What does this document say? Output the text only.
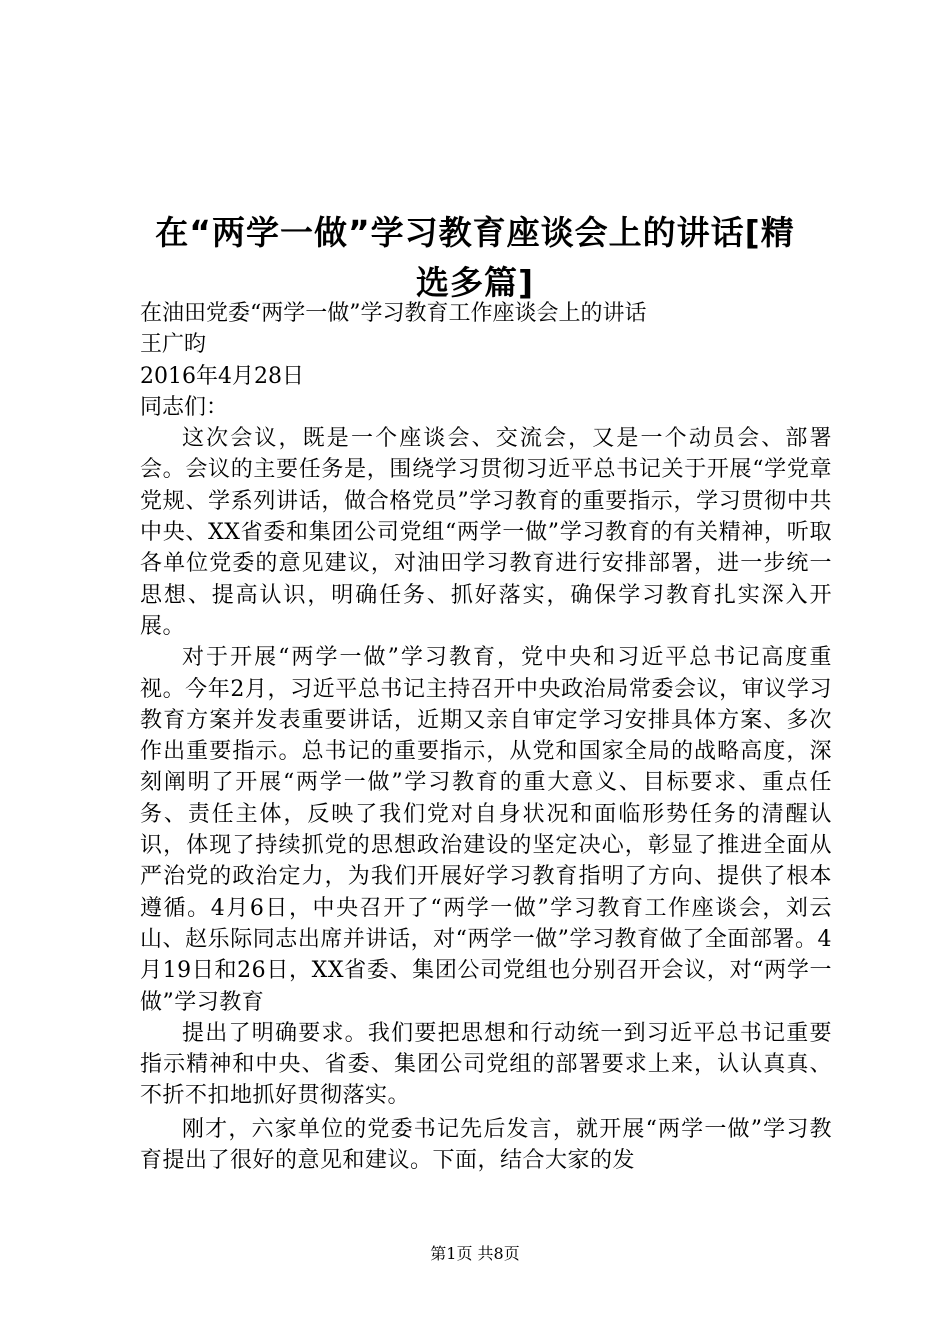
在“两学一做”学习教育座谈会上的讲话[精
选多篇]

在油田党委“两学一做”学习教育工作座谈会上的讲话

王广昀

2016年4月28日

同志们：

这次会议，既是一个座谈会、交流会，又是一个动员会、部署会。会议的主要任务是，围绕学习贯彻习近平总书记关于开展“学党章党规、学系列讲话，做合格党员”学习教育的重要指示，学习贯彻中共中央、XX省委和集团公司党组“两学一做”学习教育的有关精神，听取各单位党委的意见建议，对油田学习教育进行安排部署，进一步统一思想、提高认识，明确任务、抓好落实，确保学习教育扎实深入开展。

对于开展“两学一做”学习教育，党中央和习近平总书记高度重视。今年2月，习近平总书记主持召开中央政治局常委会议，审议学习教育方案并发表重要讲话，近期又亲自审定学习安排具体方案、多次作出重要指示。总书记的重要指示，从党和国家全局的战略高度，深刻阐明了开展“两学一做”学习教育的重大意义、目标要求、重点任务、责任主体，反映了我们党对自身状况和面临形势任务的清醒认识，体现了持续抓党的思想政治建设的坚定决心，彰显了推进全面从严治党的政治定力，为我们开展好学习教育指明了方向、提供了根本遵循。4月6日，中央召开了“两学一做”学习教育工作座谈会，刘云山、赵乐际同志出席并讲话，对“两学一做”学习教育做了全面部署。4月19日和26日，XX省委、集团公司党组也分别召开会议，对“两学一做”学习教育

提出了明确要求。我们要把思想和行动统一到习近平总书记重要指示精神和中央、省委、集团公司党组的部署要求上来，认认真真、不折不扣地抓好贯彻落实。

刚才，六家单位的党委书记先后发言，就开展“两学一做”学习教育提出了很好的意见和建议。下面，结合大家的发

第1页 共8页
